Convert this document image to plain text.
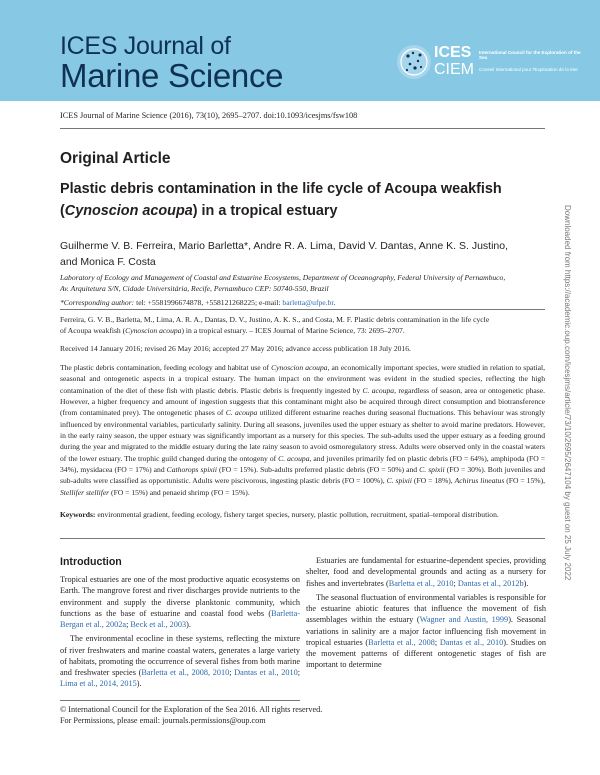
ICES Journal of
Marine Science
ICES
CIEM
International Council for the Exploration of the Sea
Conseil International pour l'Exploration de la Mer
ICES Journal of Marine Science (2016), 73(10), 2695–2707. doi:10.1093/icesjms/fsw108
Original Article
Plastic debris contamination in the life cycle of Acoupa weakfish
(Cynoscion acoupa) in a tropical estuary
Guilherme V. B. Ferreira, Mario Barletta*, Andre R. A. Lima, David V. Dantas, Anne K. S. Justino,
and Monica F. Costa
Laboratory of Ecology and Management of Coastal and Estuarine Ecosystems, Department of Oceanography, Federal University of Pernambuco,
Av. Arquitetura S/N, Cidade Universitária, Recife, Pernambuco CEP: 50740-550, Brazil
*Corresponding author: tel: +5581996674878, +558121268225; e-mail: barletta@ufpe.br.
Ferreira, G. V. B., Barletta, M., Lima, A. R. A., Dantas, D. V., Justino, A. K. S., and Costa, M. F. Plastic debris contamination in the life cycle
of Acoupa weakfish (Cynoscion acoupa) in a tropical estuary. – ICES Journal of Marine Science, 73: 2695–2707.
Received 14 January 2016; revised 26 May 2016; accepted 27 May 2016; advance access publication 18 July 2016.
The plastic debris contamination, feeding ecology and habitat use of Cynoscion acoupa, an economically important species, were studied in relation to spatial, seasonal and ontogenetic aspects in a tropical estuary. The human impact on the environment was evident in the studied species, reflecting the high contamination of the diet of these fish with plastic debris. Plastic debris is frequently ingested by C. acoupa, regardless of season, area or ontogenetic phase. However, a higher frequency and amount of ingestion suggests that this contaminant might also be acquired through direct consumption and biotransference (from contaminated prey). The ontogenetic phases of C. acoupa utilized different estuarine reaches during seasonal fluctuations. This behaviour was strongly influenced by environmental variables, particularly salinity. During all seasons, juveniles used the upper estuary as shelter to avoid marine predators. However, in the early rainy season, the upper estuary was significantly important as a nursery for this species. The sub-adults used the upper estuary as a feeding ground during the year and migrated to the middle estuary during the late rainy season to avoid osmoregulatory stress. Adults were observed only in the coastal waters of the lower estuary. The trophic guild changed during the ontogeny of C. acoupa, and juveniles primarily fed on plastic debris (FO = 64%), amphipoda (FO = 34%), mysidacea (FO = 17%) and Cathorops spixii (FO = 15%). Sub-adults preferred plastic debris (FO = 50%) and C. spixii (FO = 30%). Both juveniles and sub-adults were classified as opportunistic. Adults were piscivorous, ingesting plastic debris (FO = 100%), C. spixii (FO = 18%), Achirus lineatus (FO = 15%), Stellifer stellifer (FO = 15%) and penaeid shrimp (FO = 15%).
Keywords: environmental gradient, feeding ecology, fishery target species, nursery, plastic pollution, recruitment, spatial–temporal distribution.
Introduction

Tropical estuaries are one of the most productive aquatic ecosystems on Earth. The mangrove forest and river discharges provide nutrients to the environment and supply the diverse planktonic community, which functions as the base of estuarine and coastal food webs (Barletta-Bergan et al., 2002a; Beck et al., 2003).

The environmental ecocline in these systems, reflecting the mixture of river freshwaters and marine coastal waters, generates a large variety of habitats, promoting the occurrence of several fishes from both marine and freshwater species (Barletta et al., 2008, 2010; Dantas et al., 2010; Lima et al., 2014, 2015).

Estuaries are fundamental for estuarine-dependent species, providing shelter, food and developmental grounds and acting as a nursery for fishes and invertebrates (Barletta et al., 2010; Dantas et al., 2012b).

The seasonal fluctuation of environmental variables is responsible for the estuarine abiotic features that influence the movement of fish assemblages within the estuary (Wagner and Austin, 1999). Seasonal variations in salinity are a major factor influencing fish movement in tropical estuaries (Barletta et al., 2008; Dantas et al., 2010). Studies on the movement patterns of different ontogenetic stages of fish are important to determine

© International Council for the Exploration of the Sea 2016. All rights reserved.
For Permissions, please email: journals.permissions@oup.com
Downloaded from https://academic.oup.com/icesjms/article/73/10/2695/2647104 by guest on 25 July 2022
